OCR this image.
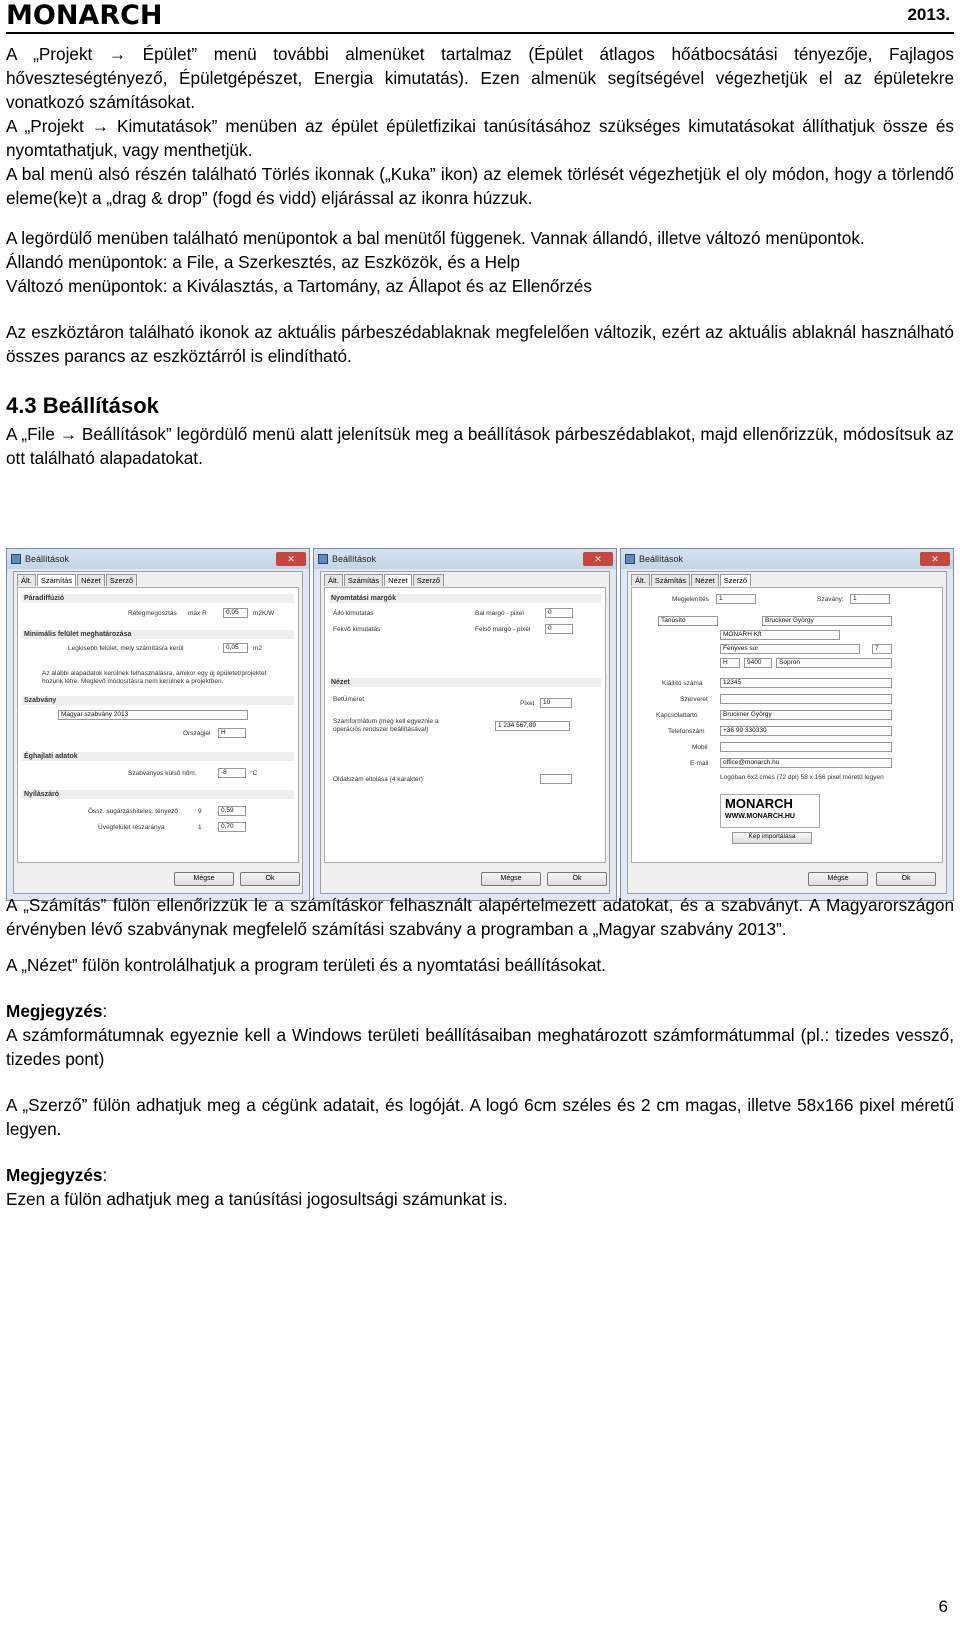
MONARCH	2013.

A „Projekt → Épület” menü további almenüket tartalmaz (Épület átlagos hőátbocsátási tényezője, Fajlagos hőveszteségtényező, Épületgépészet, Energia kimutatás). Ezen almenük segítségével végezhetjük el az épületekre vonatkozó számításokat.

A „Projekt → Kimutatások” menüben az épület épületfizikai tanúsításához szükséges kimutatásokat állíthatjuk össze és nyomtathatjuk, vagy menthetjük.

A bal menü alsó részén található Törlés ikonnak („Kuka” ikon) az elemek törlését végezhetjük el oly módon, hogy a törlendő eleme(ke)t a „drag & drop” (fogd és vidd) eljárással az ikonra húzzuk.

A legördülő menüben található menüpontok a bal menütől függenek. Vannak állandó, illetve változó menüpontok.

Állandó menüpontok: a File, a Szerkesztés, az Eszközök, és a Help

Változó menüpontok: a Kiválasztás, a Tartomány, az Állapot és az Ellenőrzés

Az eszköztáron található ikonok az aktuális párbeszédablaknak megfelelően változik, ezért az aktuális ablaknál használható összes parancs az eszköztárról is elindítható.

4.3 Beállítások

A „File → Beállítások” legördülő menü alatt jelenítsük meg a beállítások párbeszédablakot, majd ellenőrizzük, módosítsuk az ott található alapadatokat.

Beállítások	✕
Ált.	Számítás	Nézet	Szerző
Páradiffúzió
Rétegmegosztás max R	0,05	m2K/W
Minimális felület meghatározása
Legkisebb felület, mely számításra kerül	0,05	m2
Az alábbi alapadatok kerülnek felhasználásra, amikor egy új épületet/projektet hozunk létre. Meglévő módosításra nem kerülnek a projektben.
Szabvány
Magyar szabvány 2013
Országjel	H
Éghajlati adatok
Szabványos külső hőm.	-8	°C
Nyílászáró
Össz. sugárzáshiteles. tényező	9	0,59
Üvegfelület részaránya	1	0,70
Mégse	Ok
Beállítások	✕
Ált.	Számítás	Nézet	Szerző
Nyomtatási margók
Álló kimutatás	Bal margó - pixel	0
Fekvő kimutatás	Felső margó - pixel	0
Nézet
BetÚméret
Pixel	10
Számformátum (meg kell egyeznie a operációs rendszer beállításával)
1 234 567,89
Oldalszám eltolása (4 karakter)
Mégse	Ok
Beállítások	✕
Ált.	Számítás	Nézet	Szerző
Megjelenítés	1	Szavány:	1
Tanúsító	Bruckner György
MONARH Kft
Fenyves sor	7
H	9400	Sopron
Kiállító száma	12345
Szerveret
Kapcsolattartó	Bruckner György
Telefonszám	+36 99 330330
Mobil
E-mail	office@monarch.hu
Logóban 6x2 cmes (72 dpi) 58 x 166 pixel méretű legyen
MONARCH
WWW.MONARCH.HU
Kép importálása
Mégse	Ok

A „Számítás” fülön ellenőrizzük le a számításkor felhasznált alapértelmezett adatokat, és a szabványt. A Magyarországon érvényben lévő szabványnak megfelelő számítási szabvány a programban a „Magyar szabvány 2013”.

A „Nézet” fülön kontrolálhatjuk a program területi és a nyomtatási beállításokat.

Megjegyzés:

A számformátumnak egyeznie kell a Windows területi beállításaiban meghatározott számformátummal (pl.: tizedes vessző, tizedes pont)

A „Szerző” fülön adhatjuk meg a cégünk adatait, és logóját. A logó 6cm széles és 2 cm magas, illetve 58x166 pixel méretű legyen.

Megjegyzés:

Ezen a fülön adhatjuk meg a tanúsítási jogosultsági számunkat is.

6
